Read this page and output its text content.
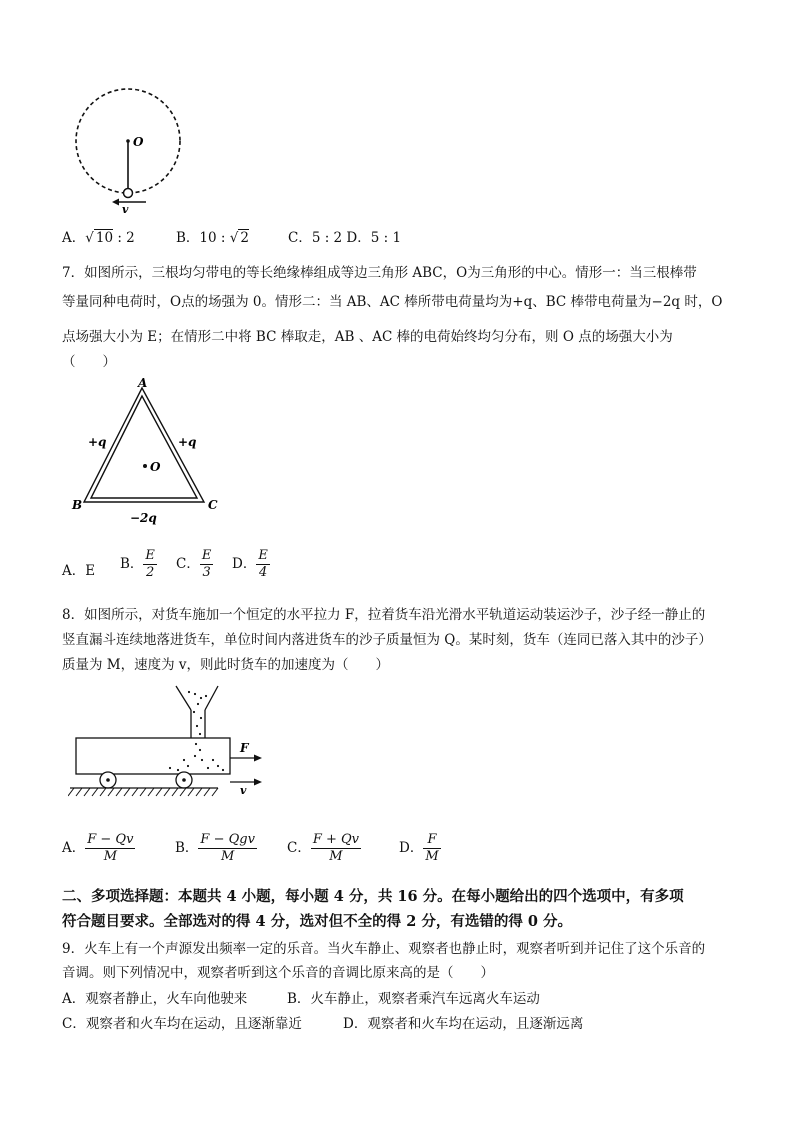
O
v
A．√ 10 : 2	B．10 : √ 2	C．5 : 2 D．5 : 1
7．如图所示，三根均匀带电的等长绝缘棒组成等边三角形 ABC，O为三角形的中心。情形一：当三根棒带
等量同种电荷时，O点的场强为 0。情形二：当 AB、AC 棒所带电荷量均为+q、BC 棒带电荷量为−2q 时，O
点场强大小为 E；在情形二中将 BC 棒取走，AB 、AC 棒的电荷始终均匀分布，则 O 点的场强大小为
（　　）
A
B	C
O
+q	+q
−2q
A．E B． $\frac{E}{2}$ C． $\frac{E}{3}$ D． $\frac{E}{4}$
8．如图所示，对货车施加一个恒定的水平拉力 F，拉着货车沿光滑水平轨道运动装运沙子，沙子经一静止的
竖直漏斗连续地落进货车，单位时间内落进货车的沙子质量恒为 Q。某时刻，货车（连同已落入其中的沙子）
质量为 M，速度为 v，则此时货车的加速度为（　　）
F
v
A． $\frac{F - Qv}{M}$	B． $\frac{\text{F − Qgv}}{M}$ C． $\frac{F + Qv}{M}$	D． $\frac{F}{M}$
二、多项选择题：本题共 4 小题，每小题 4 分，共 16 分。在每小题给出的四个选项中，有多项
符合题目要求。全部选对的得 4 分，选对但不全的得 2 分，有选错的得 0 分。
9．火车上有一个声源发出频率一定的乐音。当火车静止、观察者也静止时，观察者听到并记住了这个乐音的
音调。则下列情况中，观察者听到这个乐音的音调比原来高的是（　　）
A．观察者静止，火车向他驶来	B．火车静止，观察者乘汽车远离火车运动
C．观察者和火车均在运动，且逐渐靠近	D．观察者和火车均在运动，且逐渐远离
